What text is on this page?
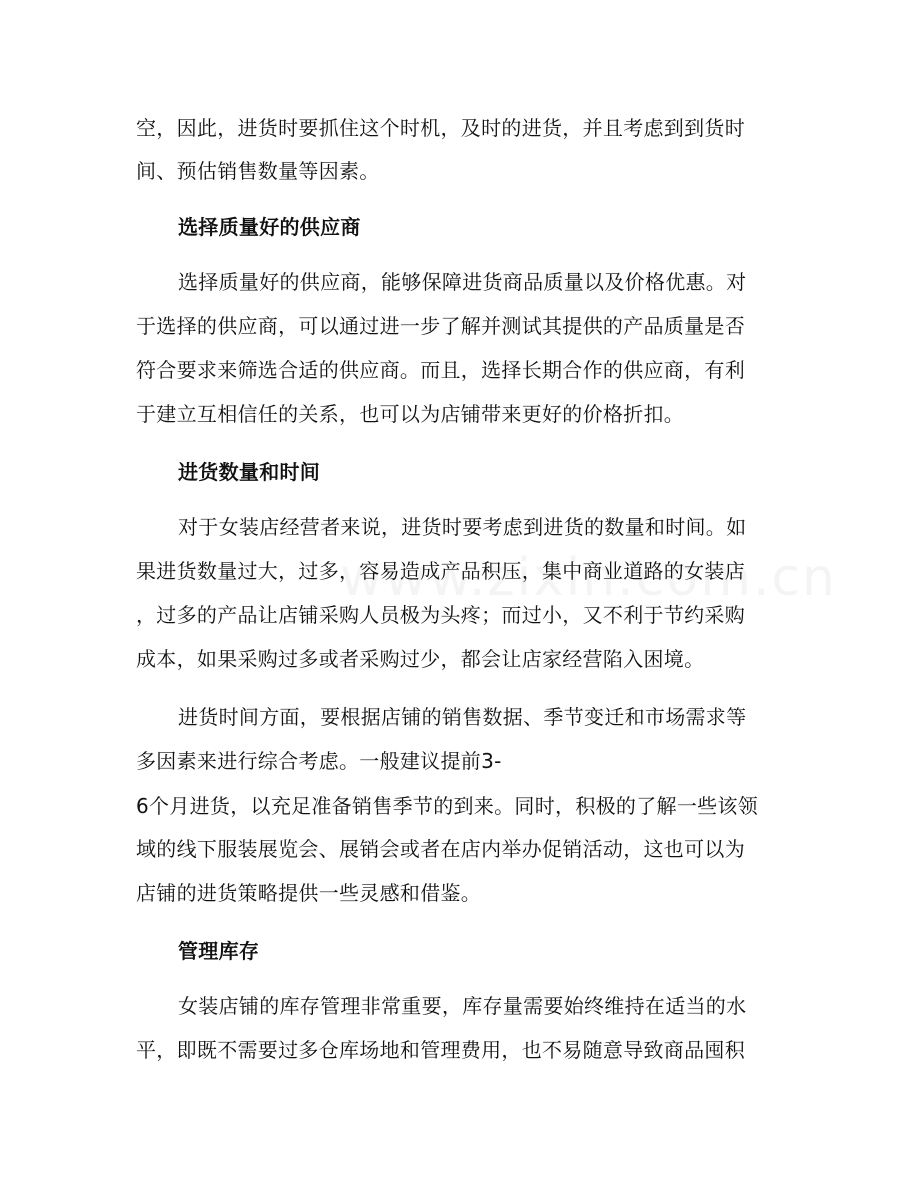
空，因此，进货时要抓住这个时机，及时的进货，并且考虑到到货时
间、预估销售数量等因素。
选择质量好的供应商
选择质量好的供应商，能够保障进货商品质量以及价格优惠。对
于选择的供应商，可以通过进一步了解并测试其提供的产品质量是否
符合要求来筛选合适的供应商。而且，选择长期合作的供应商，有利
于建立互相信任的关系，也可以为店铺带来更好的价格折扣。
进货数量和时间
对于女装店经营者来说，进货时要考虑到进货的数量和时间。如
果进货数量过大，过多，容易造成产品积压，集中商业道路的女装店
，过多的产品让店铺采购人员极为头疼；而过小，又不利于节约采购
成本，如果采购过多或者采购过少，都会让店家经营陷入困境。
进货时间方面，要根据店铺的销售数据、季节变迁和市场需求等
多因素来进行综合考虑。一般建议提前3-
6个月进货，以充足准备销售季节的到来。同时，积极的了解一些该领
域的线下服装展览会、展销会或者在店内举办促销活动，这也可以为
店铺的进货策略提供一些灵感和借鉴。
管理库存
女装店铺的库存管理非常重要，库存量需要始终维持在适当的水
平，即既不需要过多仓库场地和管理费用，也不易随意导致商品囤积
